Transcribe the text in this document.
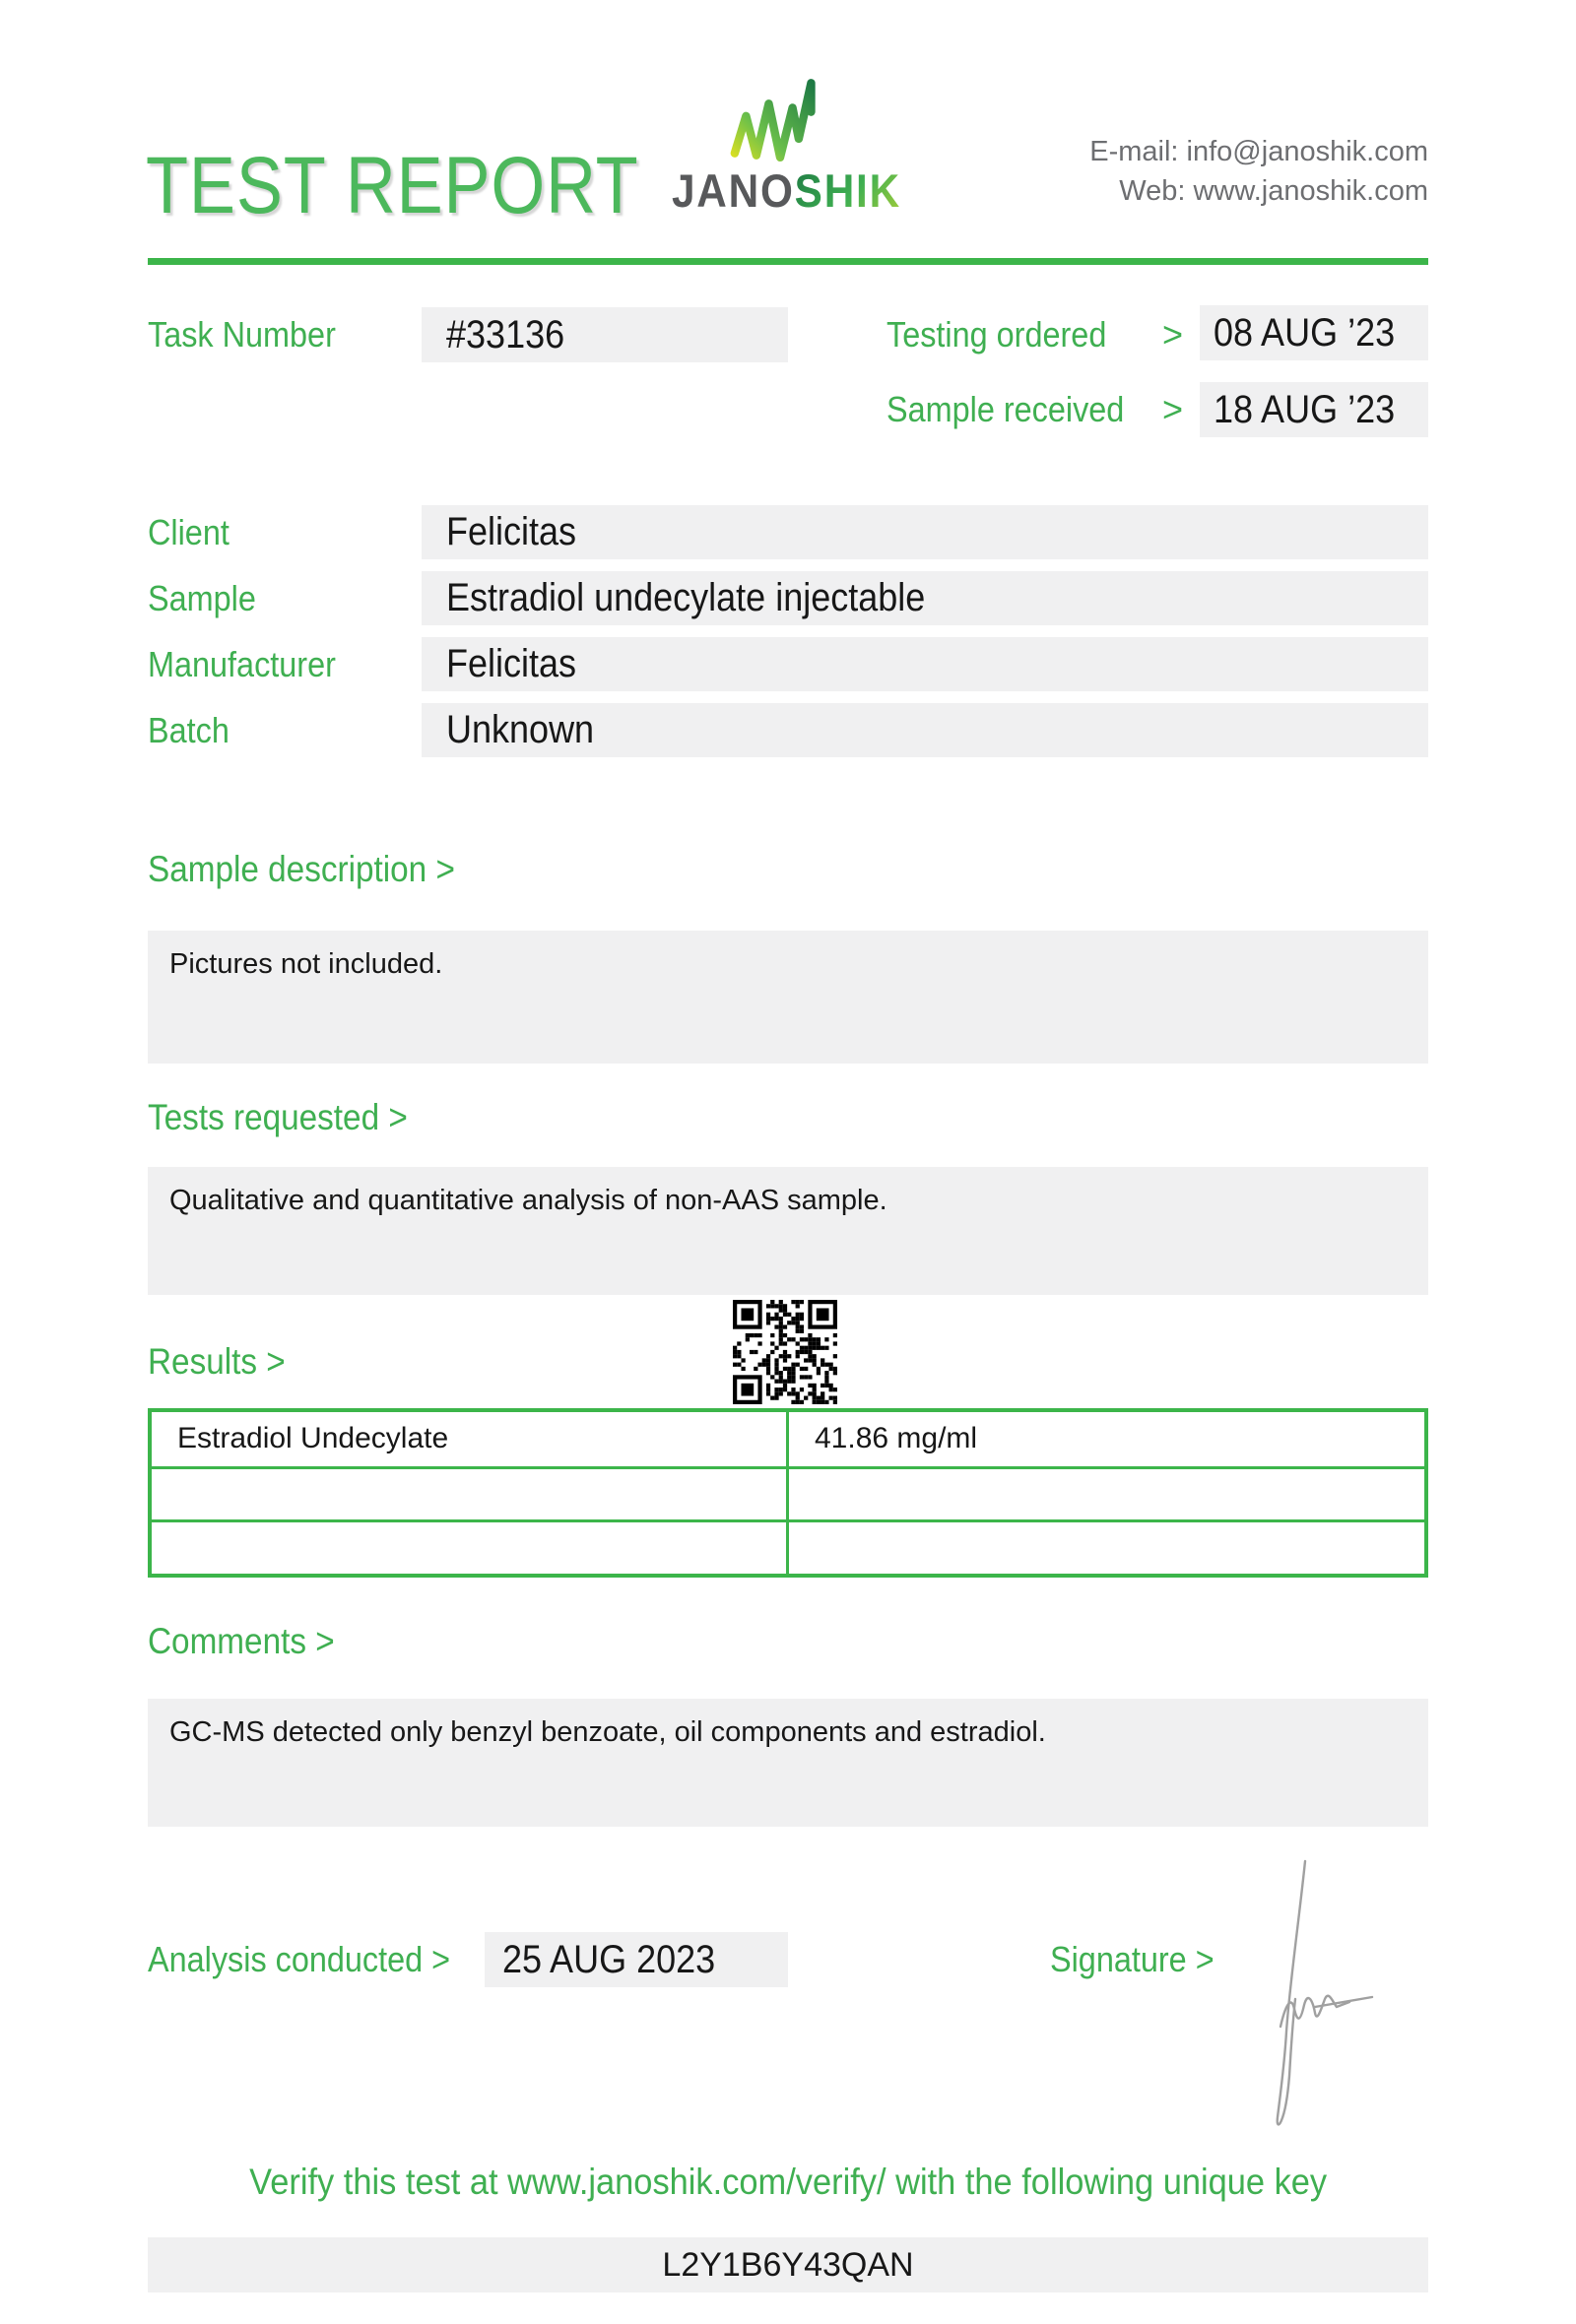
TEST REPORT JANOSHIK
E-mail: info@janoshik.com
Web: www.janoshik.com
Task Number	#33136	Testing ordered	> 08 AUG ’23
Sample received	> 18 AUG ’23
Client	Felicitas
Sample	Estradiol undecylate injectable
Manufacturer	Felicitas
Batch	Unknown
Sample description >
Pictures not included.
Tests requested >
Qualitative and quantitative analysis of non-AAS sample.
Results >
Estradiol Undecylate	41.86 mg/ml
Comments >
GC-MS detected only benzyl benzoate, oil components and estradiol.
Analysis conducted >	25 AUG 2023	Signature >
Verify this test at www.janoshik.com/verify/ with the following unique key
L2Y1B6Y43QAN
